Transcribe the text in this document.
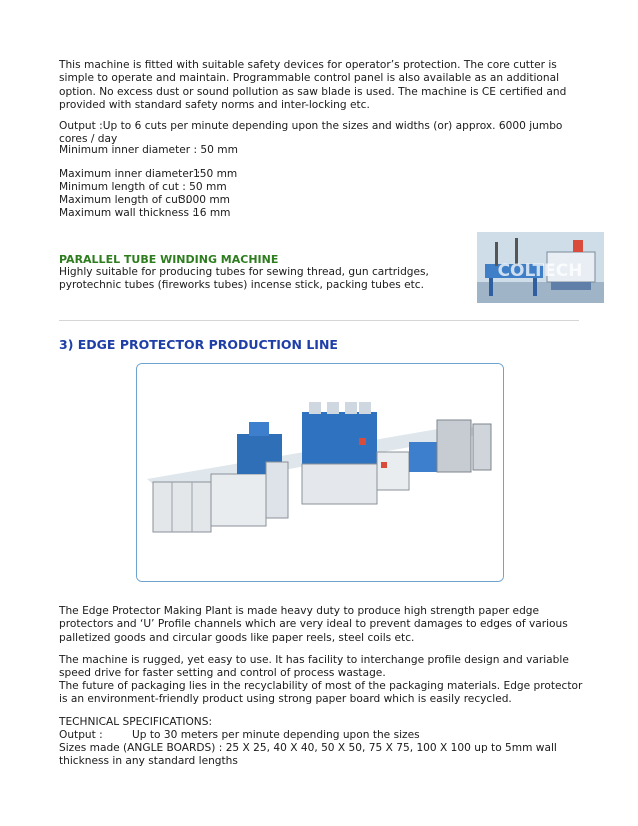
This machine is fitted with suitable safety devices for operator’s protection. The core cutter is simple to operate and maintain. Programmable control panel is also available as an additional option. No excess dust or sound pollution as saw blade is used. The machine is CE certified and provided with standard safety norms and inter-locking etc.

Output :Up to 6 cuts per minute depending upon the sizes and widths (or) approx. 6000 jumbo cores / day

Minimum inner diameter : 50 mm

Maximum inner diameter :150 mm
Minimum length of cut : 50 mm
Maximum length of cut :3000 mm
Maximum wall thickness :16 mm
PARALLEL TUBE WINDING MACHINE

Highly suitable for producing tubes for sewing thread, gun cartridges, pyrotechnic tubes (fireworks tubes) incense stick, packing tubes etc.

COLTECH
3) EDGE PROTECTOR PRODUCTION LINE

The Edge Protector Making Plant is made heavy duty to produce high strength paper edge protectors and ‘U’ Profile channels which are very ideal to prevent damages to edges of various palletized goods and circular goods like paper reels, steel coils etc.

The machine is rugged, yet easy to use. It has facility to interchange profile design and variable speed drive for faster setting and control of process wastage.

The future of packaging lies in the recyclability of most of the packaging materials. Edge protector is an environment-friendly product using strong paper board which is easily recycled.

TECHNICAL SPECIFICATIONS:
Output :	Up to 30 meters per minute depending upon the sizes

Sizes made (ANGLE BOARDS) : 25 X 25, 40 X 40, 50 X 50, 75 X 75, 100 X 100 up to 5mm wall thickness in any standard lengths
